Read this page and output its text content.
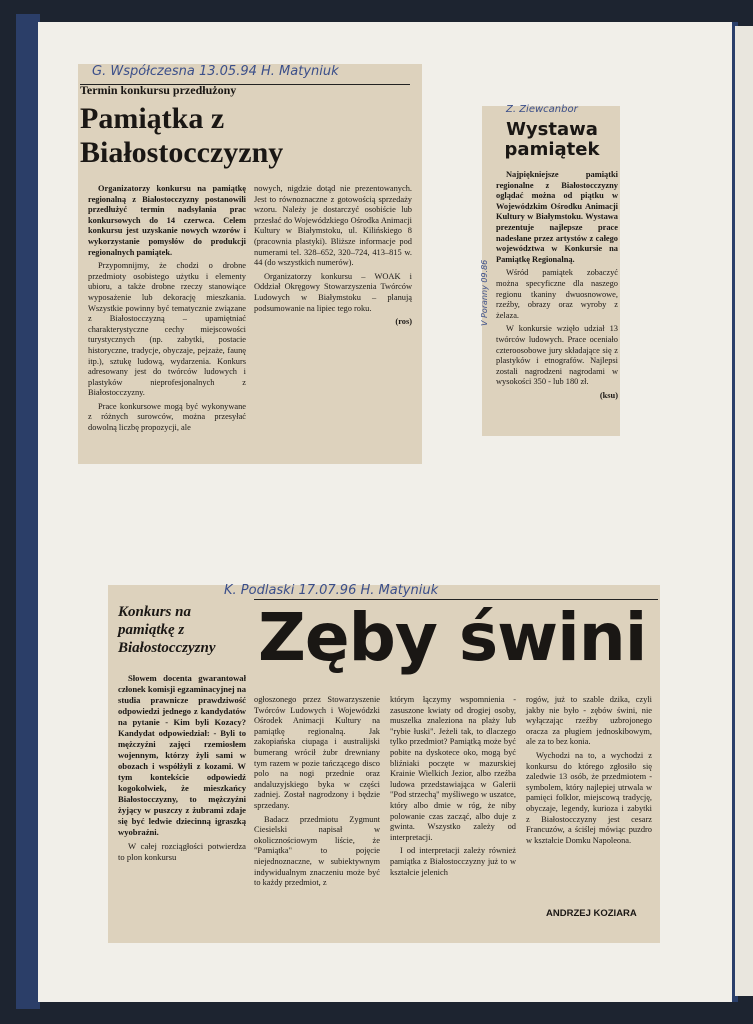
G. Współczesna 13.05.94 H. Matyniuk
Termin konkursu przedłużony
Pamiątka z Białostocczyzny

Organizatorzy konkursu na pamiątkę regionalną z Białostocczyzny postanowili przedłużyć termin nadsyłania prac konkursowych do 14 czerwca. Celem konkursu jest uzyskanie nowych wzorów i wykorzystanie pomysłów do produkcji regionalnych pamiątek.

Przypomnijmy, że chodzi o drobne przedmioty osobistego użytku i elementy ubioru, a także drobne rzeczy stanowiące wyposażenie lub dekorację mieszkania. Wszystkie powinny być tematycznie związane z Białostocczyzną – upamiętniać charakterystyczne cechy miejscowości turystycznych (np. zabytki, postacie historyczne, tradycje, obyczaje, pejzaże, faunę itp.), sztukę ludową, wydarzenia. Konkurs adresowany jest do twórców ludowych i plastyków nieprofesjonalnych z Białostocczyzny.

Prace konkursowe mogą być wykonywane z różnych surowców, można przesyłać dowolną liczbę propozycji, ale

nowych, nigdzie dotąd nie prezentowanych. Jest to równoznaczne z gotowością sprzedaży wzoru. Należy je dostarczyć osobiście lub przesłać do Wojewódzkiego Ośrodka Animacji Kultury w Białymstoku, ul. Kilińskiego 8 (pracownia plastyki). Bliższe informacje pod numerami tel. 328–652, 320–724, 413–815 w. 44 (do wszystkich numerów).

Organizatorzy konkursu – WOAK i Oddział Okręgowy Stowarzyszenia Twórców Ludowych w Białymstoku – planują podsumowanie na lipiec tego roku.

(ros)

Z. Ziewcanbor
V Poranny 09.86
Wystawa
pamiątek

Najpiękniejsze pamiątki regionalne z Białostocczyzny oglądać można od piątku w Wojewódzkim Ośrodku Animacji Kultury w Białymstoku. Wystawa prezentuje najlepsze prace nadesłane przez artystów z całego województwa w Konkursie na Pamiątkę Regionalną.

Wśród pamiątek zobaczyć można specyficzne dla naszego regionu tkaniny dwuosnowowe, rzeźby, obrazy oraz wyroby z żelaza.

W konkursie wzięło udział 13 twórców ludowych. Prace oceniało czteroosobowe jury składające się z plastyków i etnografów. Najlepsi zostali nagrodzeni nagrodami w wysokości 350 - lub 180 zł.

(ksu)

K. Podlaski 17.07.96 H. Matyniuk
Konkurs na pamiątkę z Białostocczyzny Zęby świni

Słowem docenta gwarantował członek komisji egzaminacyjnej na studia prawnicze prawdziwość odpowiedzi jednego z kandydatów na pytanie - Kim byli Kozacy? Kandydat odpowiedział: - Byli to mężczyźni zajęci rzemiosłem wojennym, którzy żyli sami w obozach i współżyli z kozami. W tym kontekście odpowiedź kogokolwiek, że mieszkańcy Białostocczyzny, to mężczyźni żyjący w puszczy z żubrami zdaje się być ledwie dziecinną igraszką wyobraźni.

W całej rozciągłości potwierdza to plon konkursu

ogłoszonego przez Stowarzyszenie Twórców Ludowych i Wojewódzki Ośrodek Animacji Kultury na pamiątkę regionalną. Jak zakopiańska ciupaga i australijski bumerang wrócił żubr drewniany tym razem w pozie tańczącego disco polo na nogi przednie oraz andaluzyjskiego byka w części zadniej. Został nagrodzony i będzie sprzedany.

Badacz przedmiotu Zygmunt Ciesielski napisał w okolicznościowym liście, że "Pamiątka" to pojęcie niejednoznaczne, w subiektywnym indywidualnym znaczeniu może być to każdy przedmiot, z

którym łączymy wspomnienia - zasuszone kwiaty od drogiej osoby, muszelka znaleziona na plaży lub "rybie łuski". Jeżeli tak, to dlaczego tylko przedmiot? Pamiątką może być pobite na dyskotece oko, mogą być bliźniaki poczęte w mazurskiej Krainie Wielkich Jezior, albo rzeźba ludowa przedstawiająca w Galerii "Pod strzechą" myśliwego w uszatce, który albo dmie w róg, że niby polowanie czas zacząć, albo duje z gwinta. Wszystko zależy od interpretacji.

I od interpretacji zależy również pamiątka z Białostocczyzny już to w kształcie jelenich

rogów, już to szable dzika, czyli jakby nie było - zębów świni, nie wyłączając rzeźby uzbrojonego oracza za pługiem jednoskibowym, ale za to bez konia.

Wychodzi na to, a wychodzi z konkursu do którego zgłosiło się zaledwie 13 osób, że przedmiotem - symbolem, który najlepiej utrwala w pamięci folklor, miejscową tradycję, obyczaje, legendy, kurioza i zabytki z Białostocczyzny jest cesarz Francuzów, a ściślej mówiąc puzdro w kształcie Domku Napoleona.

ANDRZEJ KOZIARA
